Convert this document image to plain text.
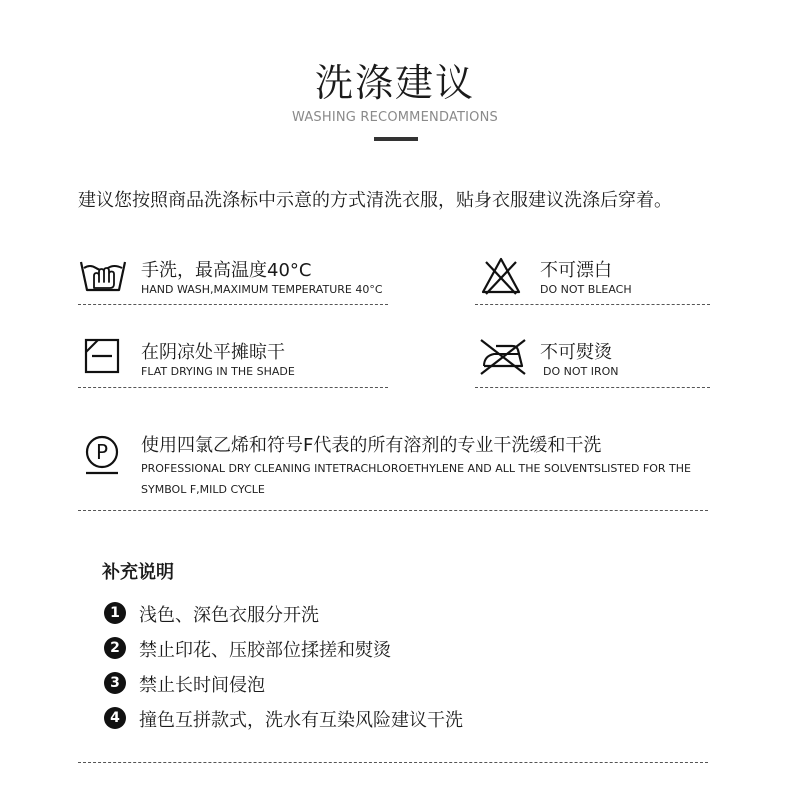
洗涤建议
WASHING RECOMMENDATIONS
建议您按照商品洗涤标中示意的方式清洗衣服，贴身衣服建议洗涤后穿着。
手洗，最高温度40°C
HAND WASH,MAXIMUM TEMPERATURE 40°C
不可漂白
DO NOT BLEACH
在阴凉处平摊晾干
FLAT DRYING IN THE SHADE
不可熨烫
DO NOT IRON
P 使用四氯乙烯和符号F代表的所有溶剂的专业干洗缓和干洗
PROFESSIONAL DRY CLEANING INTETRACHLOROETHYLENE AND ALL THE SOLVENTSLISTED FOR THE
SYMBOL F,MILD CYCLE
补充说明
1	浅色、深色衣服分开洗
2	禁止印花、压胶部位揉搓和熨烫
3	禁止长时间侵泡
4	撞色互拼款式，洗水有互染风险建议干洗
